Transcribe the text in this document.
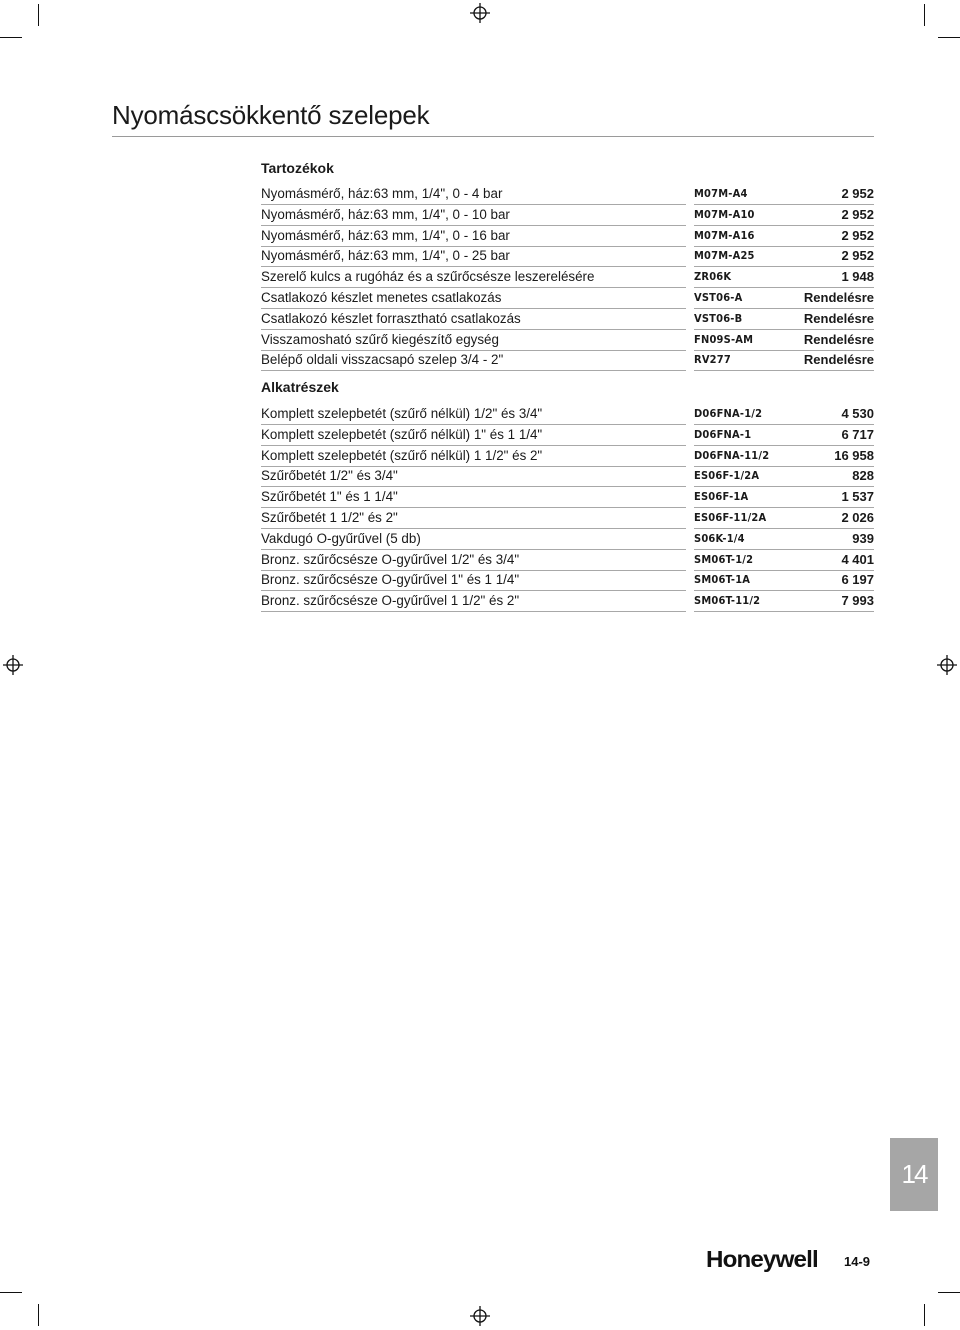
Nyomáscsökkentő szelepek
Tartozékok
Nyomásmérő, ház:63 mm, 1/4", 0 - 4 bar	M07M-A4	2 952
Nyomásmérő, ház:63 mm, 1/4", 0 - 10 bar	M07M-A10	2 952
Nyomásmérő, ház:63 mm, 1/4", 0 - 16 bar	M07M-A16	2 952
Nyomásmérő, ház:63 mm, 1/4", 0 - 25 bar	M07M-A25	2 952
Szerelő kulcs a rugóház és a szűrőcsésze leszerelésére	ZR06K	1 948
Csatlakozó készlet menetes csatlakozás	VST06-A	Rendelésre
Csatlakozó készlet forrasztható csatlakozás	VST06-B	Rendelésre
Visszamosható szűrő kiegészítő egység	FN09S-AM	Rendelésre
Belépő oldali visszacsapó szelep 3/4 - 2"	RV277	Rendelésre
Alkatrészek
Komplett szelepbetét (szűrő nélkül) 1/2" és 3/4"	D06FNA-1/2	4 530
Komplett szelepbetét (szűrő nélkül) 1" és 1 1/4"	D06FNA-1	6 717
Komplett szelepbetét (szűrő nélkül) 1 1/2" és 2"	D06FNA-11/2	16 958
Szűrőbetét 1/2" és 3/4"	ES06F-1/2A	828
Szűrőbetét 1" és 1 1/4"	ES06F-1A	1 537
Szűrőbetét 1 1/2" és 2"	ES06F-11/2A	2 026
Vakdugó O-gyűrűvel (5 db)	S06K-1/4	939
Bronz. szűrőcsésze O-gyűrűvel 1/2" és 3/4"	SM06T-1/2	4 401
Bronz. szűrőcsésze O-gyűrűvel 1" és 1 1/4"	SM06T-1A	6 197
Bronz. szűrőcsésze O-gyűrűvel 1 1/2" és 2"	SM06T-11/2	7 993
14
Honeywell 14-9
